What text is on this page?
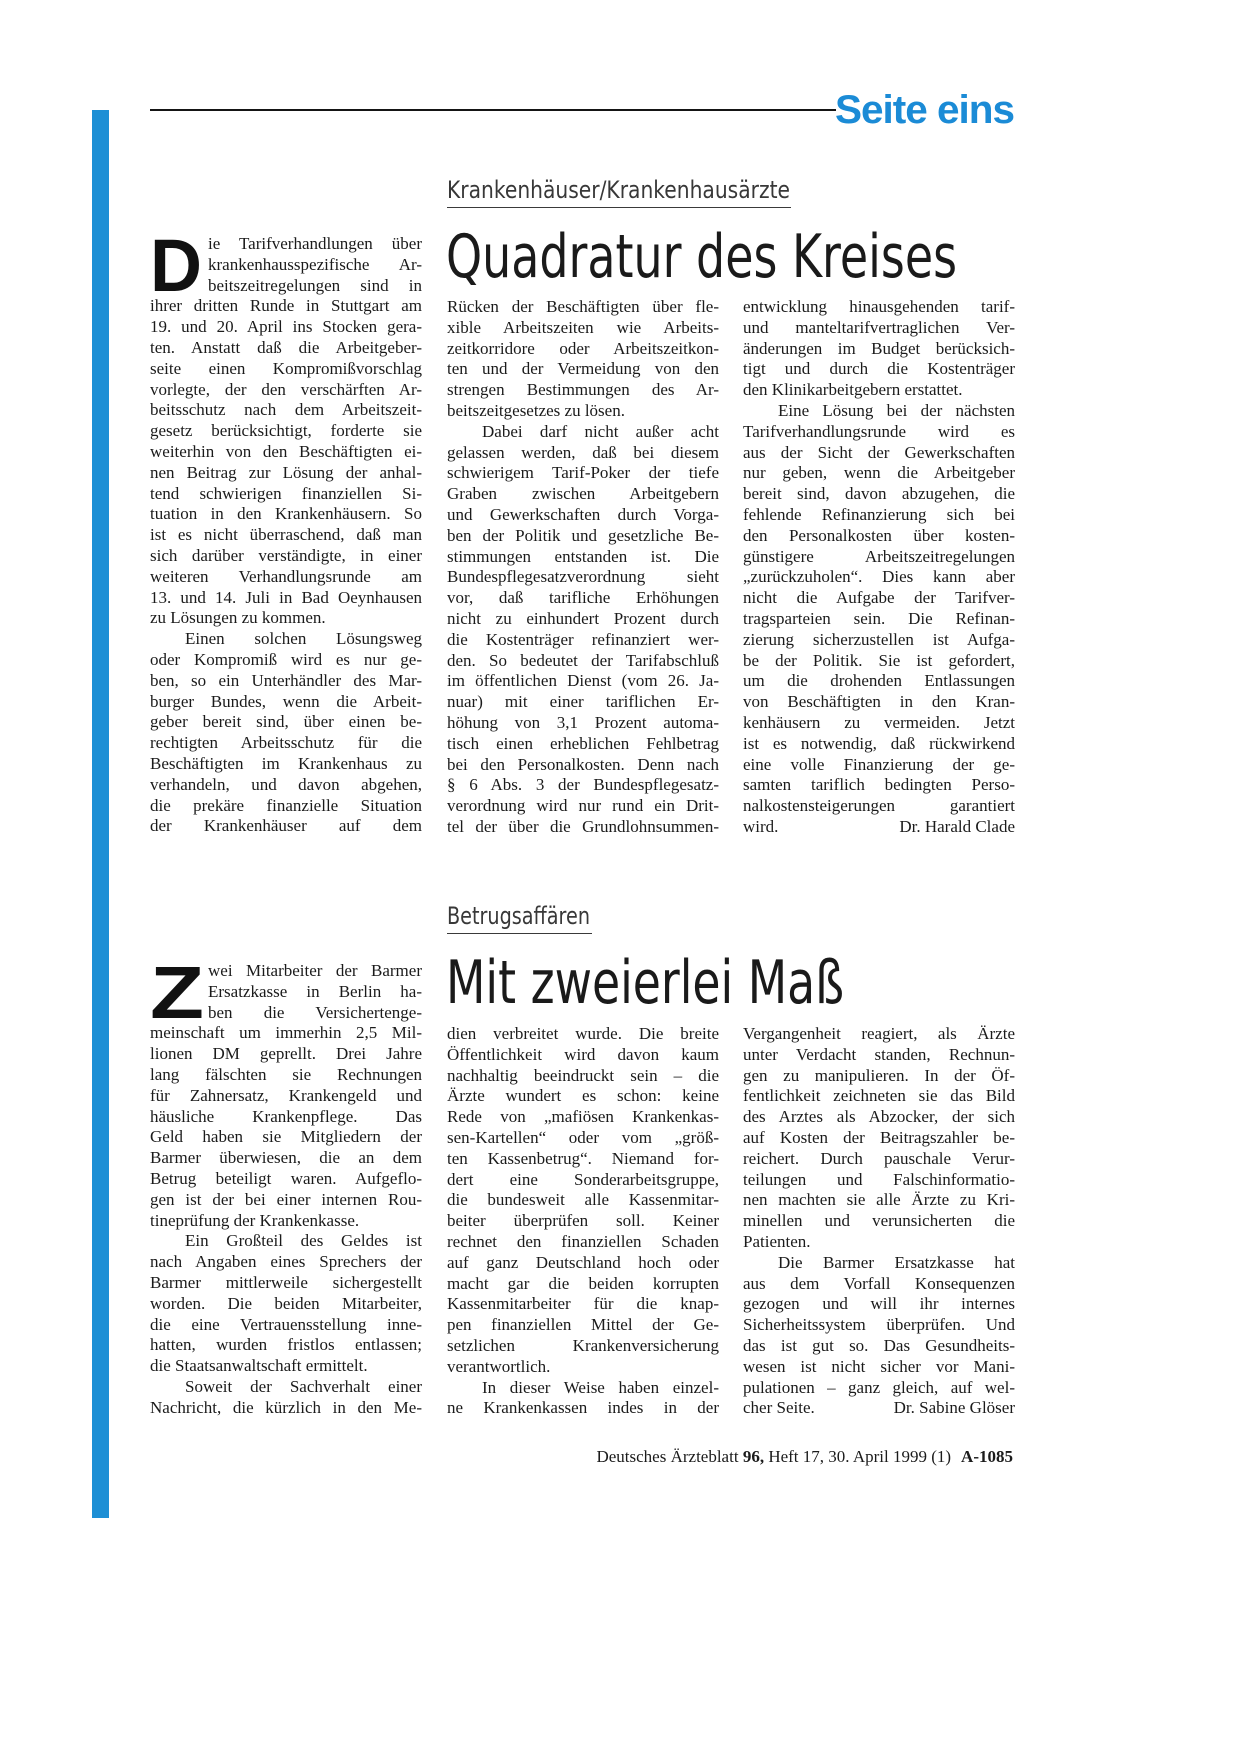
Seite eins
Krankenhäuser/Krankenhausärzte
Quadratur des Kreises
D ie Tarifverhandlungen über
krankenhausspezifische Ar-
beitszeitregelungen sind in
ihrer dritten Runde in Stuttgart am
19. und 20. April ins Stocken gera-
ten. Anstatt daß die Arbeitgeber-
seite einen Kompromißvorschlag
vorlegte, der den verschärften Ar-
beitsschutz nach dem Arbeitszeit-
gesetz berücksichtigt, forderte sie
weiterhin von den Beschäftigten ei-
nen Beitrag zur Lösung der anhal-
tend schwierigen finanziellen Si-
tuation in den Krankenhäusern. So
ist es nicht überraschend, daß man
sich darüber verständigte, in einer
weiteren Verhandlungsrunde am
13. und 14. Juli in Bad Oeynhausen
zu Lösungen zu kommen.
Einen solchen Lösungsweg
oder Kompromiß wird es nur ge-
ben, so ein Unterhändler des Mar-
burger Bundes, wenn die Arbeit-
geber bereit sind, über einen be-
rechtigten Arbeitsschutz für die
Beschäftigten im Krankenhaus zu
verhandeln, und davon abgehen,
die prekäre finanzielle Situation
der Krankenhäuser auf dem
Rücken der Beschäftigten über fle-
xible Arbeitszeiten wie Arbeits-
zeitkorridore oder Arbeitszeitkon-
ten und der Vermeidung von den
strengen Bestimmungen des Ar-
beitszeitgesetzes zu lösen.
Dabei darf nicht außer acht
gelassen werden, daß bei diesem
schwierigem Tarif-Poker der tiefe
Graben zwischen Arbeitgebern
und Gewerkschaften durch Vorga-
ben der Politik und gesetzliche Be-
stimmungen entstanden ist. Die
Bundespflegesatzverordnung sieht
vor, daß tarifliche Erhöhungen
nicht zu einhundert Prozent durch
die Kostenträger refinanziert wer-
den. So bedeutet der Tarifabschluß
im öffentlichen Dienst (vom 26. Ja-
nuar) mit einer tariflichen Er-
höhung von 3,1 Prozent automa-
tisch einen erheblichen Fehlbetrag
bei den Personalkosten. Denn nach
§ 6 Abs. 3 der Bundespflegesatz-
verordnung wird nur rund ein Drit-
tel der über die Grundlohnsummen-
entwicklung hinausgehenden tarif-
und manteltarifvertraglichen Ver-
änderungen im Budget berücksich-
tigt und durch die Kostenträger
den Klinikarbeitgebern erstattet.
Eine Lösung bei der nächsten
Tarifverhandlungsrunde wird es
aus der Sicht der Gewerkschaften
nur geben, wenn die Arbeitgeber
bereit sind, davon abzugehen, die
fehlende Refinanzierung sich bei
den Personalkosten über kosten-
günstigere Arbeitszeitregelungen
„zurückzuholen“. Dies kann aber
nicht die Aufgabe der Tarifver-
tragsparteien sein. Die Refinan-
zierung sicherzustellen ist Aufga-
be der Politik. Sie ist gefordert,
um die drohenden Entlassungen
von Beschäftigten in den Kran-
kenhäusern zu vermeiden. Jetzt
ist es notwendig, daß rückwirkend
eine volle Finanzierung der ge-
samten tariflich bedingten Perso-
nalkostensteigerungen garantiert
wird.	Dr. Harald Clade
Betrugsaffären
Mit zweierlei Maß
Z wei Mitarbeiter der Barmer
Ersatzkasse in Berlin ha-
ben die Versichertenge-
meinschaft um immerhin 2,5 Mil-
lionen DM geprellt. Drei Jahre
lang fälschten sie Rechnungen
für Zahnersatz, Krankengeld und
häusliche Krankenpflege. Das
Geld haben sie Mitgliedern der
Barmer überwiesen, die an dem
Betrug beteiligt waren. Aufgeflo-
gen ist der bei einer internen Rou-
tineprüfung der Krankenkasse.
Ein Großteil des Geldes ist
nach Angaben eines Sprechers der
Barmer mittlerweile sichergestellt
worden. Die beiden Mitarbeiter,
die eine Vertrauensstellung inne-
hatten, wurden fristlos entlassen;
die Staatsanwaltschaft ermittelt.
Soweit der Sachverhalt einer
Nachricht, die kürzlich in den Me-
dien verbreitet wurde. Die breite
Öffentlichkeit wird davon kaum
nachhaltig beeindruckt sein – die
Ärzte wundert es schon: keine
Rede von „mafiösen Krankenkas-
sen-Kartellen“ oder vom „größ-
ten Kassenbetrug“. Niemand for-
dert eine Sonderarbeitsgruppe,
die bundesweit alle Kassenmitar-
beiter überprüfen soll. Keiner
rechnet den finanziellen Schaden
auf ganz Deutschland hoch oder
macht gar die beiden korrupten
Kassenmitarbeiter für die knap-
pen finanziellen Mittel der Ge-
setzlichen Krankenversicherung
verantwortlich.
In dieser Weise haben einzel-
ne Krankenkassen indes in der
Vergangenheit reagiert, als Ärzte
unter Verdacht standen, Rechnun-
gen zu manipulieren. In der Öf-
fentlichkeit zeichneten sie das Bild
des Arztes als Abzocker, der sich
auf Kosten der Beitragszahler be-
reichert. Durch pauschale Verur-
teilungen und Falschinformatio-
nen machten sie alle Ärzte zu Kri-
minellen und verunsicherten die
Patienten.
Die Barmer Ersatzkasse hat
aus dem Vorfall Konsequenzen
gezogen und will ihr internes
Sicherheitssystem überprüfen. Und
das ist gut so. Das Gesundheits-
wesen ist nicht sicher vor Mani-
pulationen – ganz gleich, auf wel-
cher Seite.	Dr. Sabine Glöser
Deutsches Ärzteblatt 96, Heft 17, 30. April 1999 (1) A-1085
